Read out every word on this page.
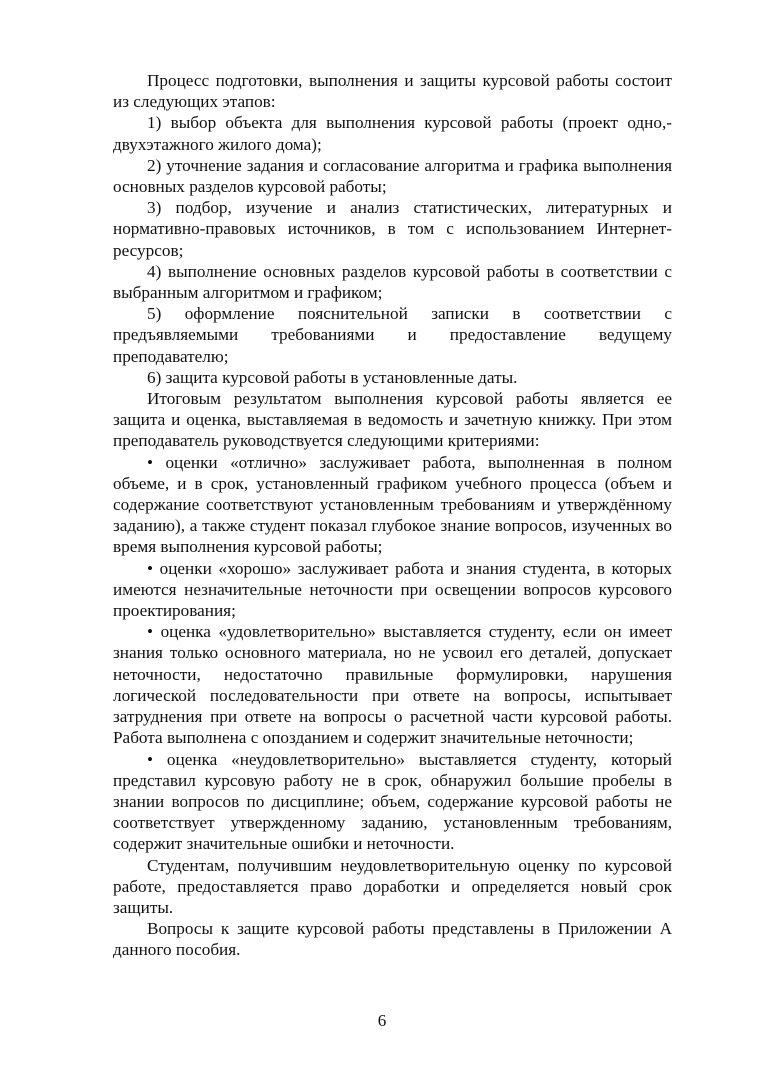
Процесс подготовки, выполнения и защиты курсовой работы состоит из следующих этапов:

1) выбор объекта для выполнения курсовой работы (проект одно,-двухэтажного жилого дома);

2) уточнение задания и согласование алгоритма и графика выполнения основных разделов курсовой работы;

3) подбор, изучение и анализ статистических, литературных и нормативно-правовых источников, в том с использованием Интернет-ресурсов;

4) выполнение основных разделов курсовой работы в соответствии с выбранным алгоритмом и графиком;

5) оформление пояснительной записки в соответствии с предъявляемыми требованиями и предоставление ведущему преподавателю;

6) защита курсовой работы в установленные даты.

Итоговым результатом выполнения курсовой работы является ее защита и оценка, выставляемая в ведомость и зачетную книжку. При этом преподаватель руководствуется следующими критериями:

• оценки «отлично» заслуживает работа, выполненная в полном объеме, и в срок, установленный графиком учебного процесса (объем и содержание соответствуют установленным требованиям и утверждённому заданию), а также студент показал глубокое знание вопросов, изученных во время выполнения курсовой работы;

• оценки «хорошо» заслуживает работа и знания студента, в которых имеются незначительные неточности при освещении вопросов курсового проектирования;

• оценка «удовлетворительно» выставляется студенту, если он имеет знания только основного материала, но не усвоил его деталей, допускает неточности, недостаточно правильные формулировки, нарушения логической последовательности при ответе на вопросы, испытывает затруднения при ответе на вопросы о расчетной части курсовой работы. Работа выполнена с опозданием и содержит значительные неточности;

• оценка «неудовлетворительно» выставляется студенту, который представил курсовую работу не в срок, обнаружил большие пробелы в знании вопросов по дисциплине; объем, содержание курсовой работы не соответствует утвержденному заданию, установленным требованиям, содержит значительные ошибки и неточности.

Студентам, получившим неудовлетворительную оценку по курсовой работе, предоставляется право доработки и определяется новый срок защиты.

Вопросы к защите курсовой работы представлены в Приложении А данного пособия.

6
